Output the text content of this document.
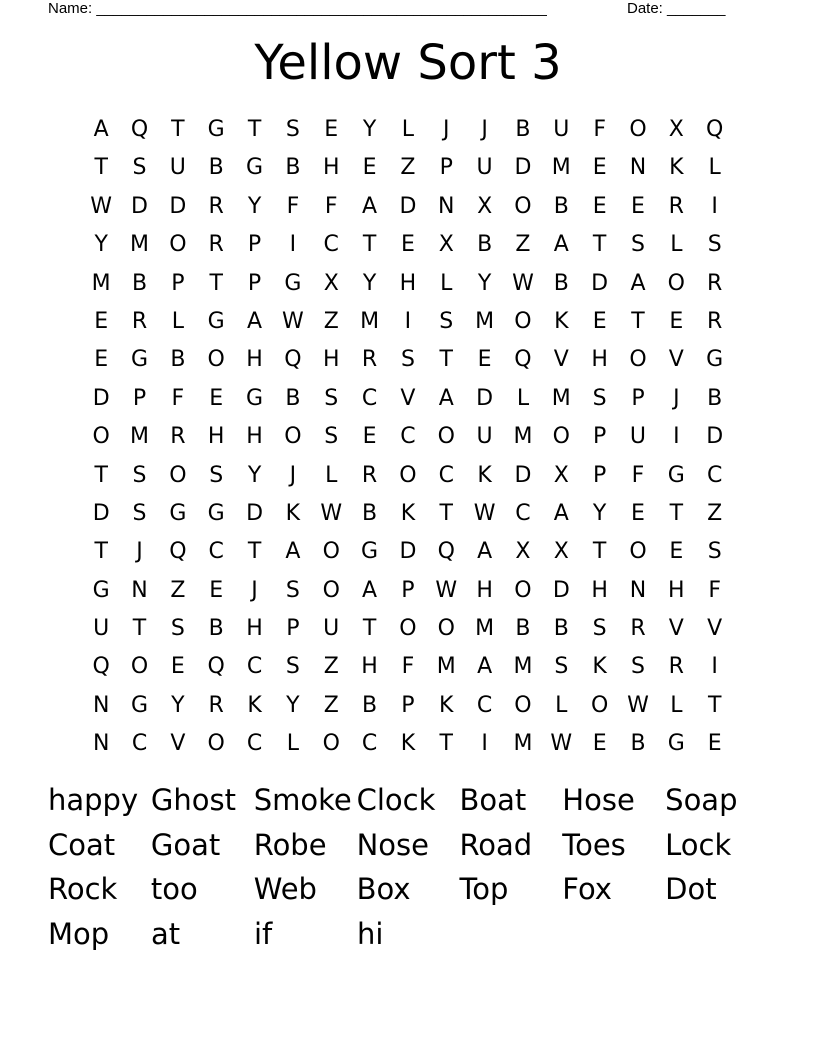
Name: ______________________________________________________	Date: _______
Yellow Sort 3
A	Q	T	G	T	S	E	Y	L	J	J	B	U	F	O	X	Q
T	S	U	B	G	B	H	E	Z	P	U D M E	N	K	L
W D D	R	Y	F	F	A	D N	X	O	B	E	E	R	I
Y	M O	R	P	I	C	T	E	X	B	Z	A	T	S	L	S
M B	P	T	P	G	X	Y	H	L	Y W B	D	A	O	R
E	R	L	G	A W Z M	I	S M O	K	E	T	E	R
E	G	B	O H Q H	R	S	T	E	Q	V	H O	V	G
D	P	F	E	G	B	S	C	V	A	D	L	M S	P	J	B
O M R	H H O	S	E	C O U M O	P	U	I	D
T	S	O	S	Y	J	L	R	O	C	K	D	X	P	F	G	C
D	S	G G D	K W B	K	T W C	A	Y	E	T	Z
T	J	Q	C	T	A	O G D Q	A	X	X	T	O	E	S
G N	Z	E	J	S	O	A	P W H O D H N H	F
U	T	S	B	H	P	U	T	O O M B	B	S	R	V	V
Q O	E	Q	C	S	Z	H	F	M A M S	K	S	R	I
N G	Y	R	K	Y	Z	B	P	K	C O	L	O W L	T
N	C	V	O	C	L	O	C	K	T	I	M W E	B	G	E
happy Ghost Smoke Clock Boat	Hose	Soap
Coat	Goat	Robe	Nose	Road	Toes	Lock
Rock	too	Web	Box	Top	Fox	Dot
Mop	at	if	hi
